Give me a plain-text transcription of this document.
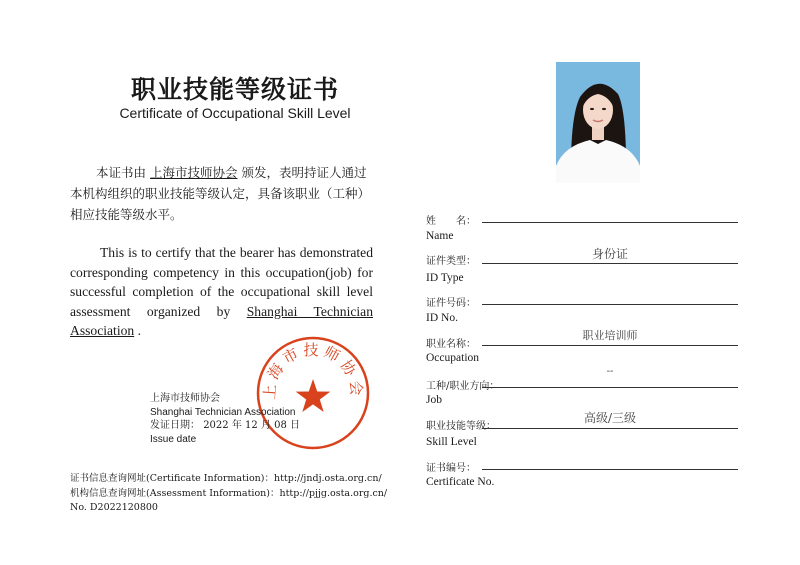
职业技能等级证书
Certificate of Occupational Skill Level
本证书由 上海市技师协会 颁发，表明持证人通过本机构组织的职业技能等级认定，具备该职业（工种）相应技能等级水平。
This is to certify that the bearer has demonstrated corresponding competency in this occupation(job) for successful completion of the occupational skill level assessment organized by Shanghai Technician Association .
上海市技师协会
上海市技师协会
Shanghai Technician Association
发证日期： 2022 年 12 月 08 日
Issue date
证书信息查询网址(Certificate Information)：http://jndj.osta.org.cn/
机构信息查询网址(Assessment Information)：http://pjjg.osta.org.cn/
No. D2022120800
姓　　名：
Name
证件类型：
身份证
ID Type
证件号码：
ID No.
职业名称：
职业培训师
Occupation
工种/职业方向：
--
Job
职业技能等级：
高级/三级
Skill Level
证书编号：
Certificate No.
